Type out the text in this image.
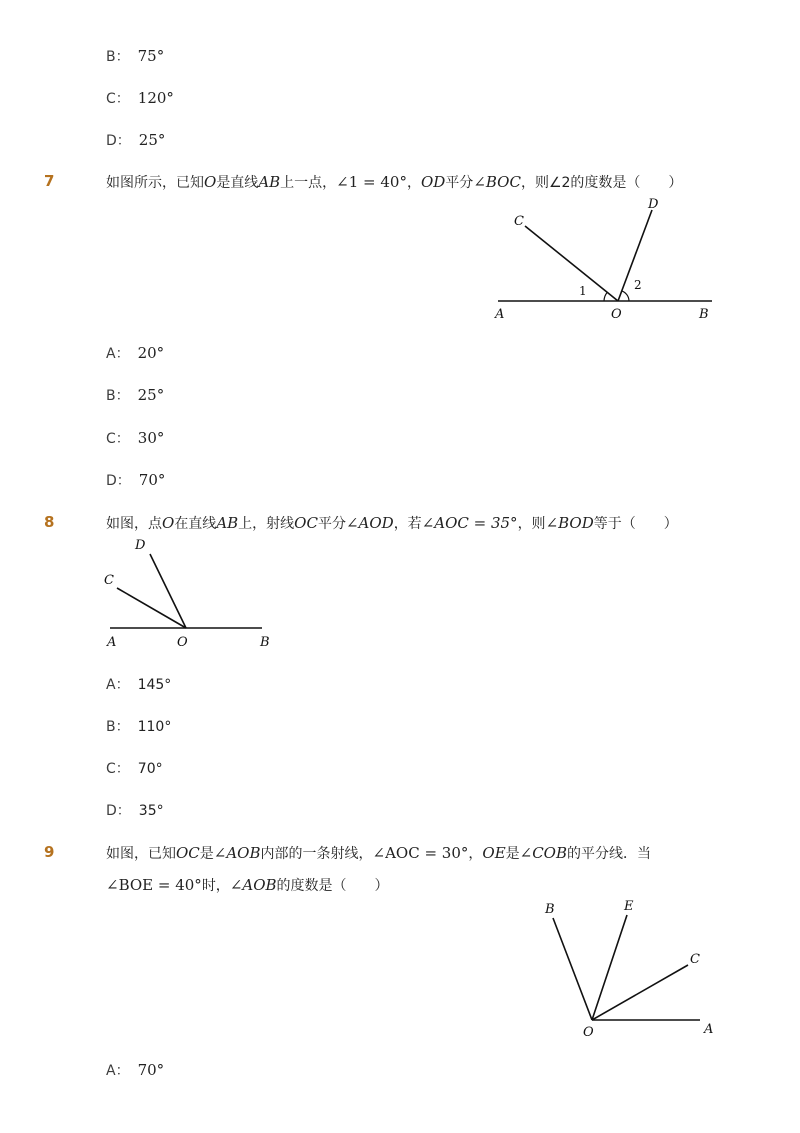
B： 75°
C： 120°
D： 25°
7	如图所示，已知O是直线AB上一点，∠1 = 40°，OD平分∠BOC，则∠2的度数是（　　）
C
D
1	2
A	O	B
A： 20°
B： 25°
C： 30°
D： 70°
8	如图，点O在直线AB上，射线OC平分∠AOD，若∠AOC = 35°，则∠BOD等于（　　）
D
C
A	O	B
A： 145°
B： 110°
C： 70°
D： 35°
9	如图，已知OC是∠AOB内部的一条射线，∠AOC = 30°，OE是∠COB的平分线．当
∠BOE = 40°时，∠AOB的度数是（　　）
B	E
C
O	A
A： 70°
